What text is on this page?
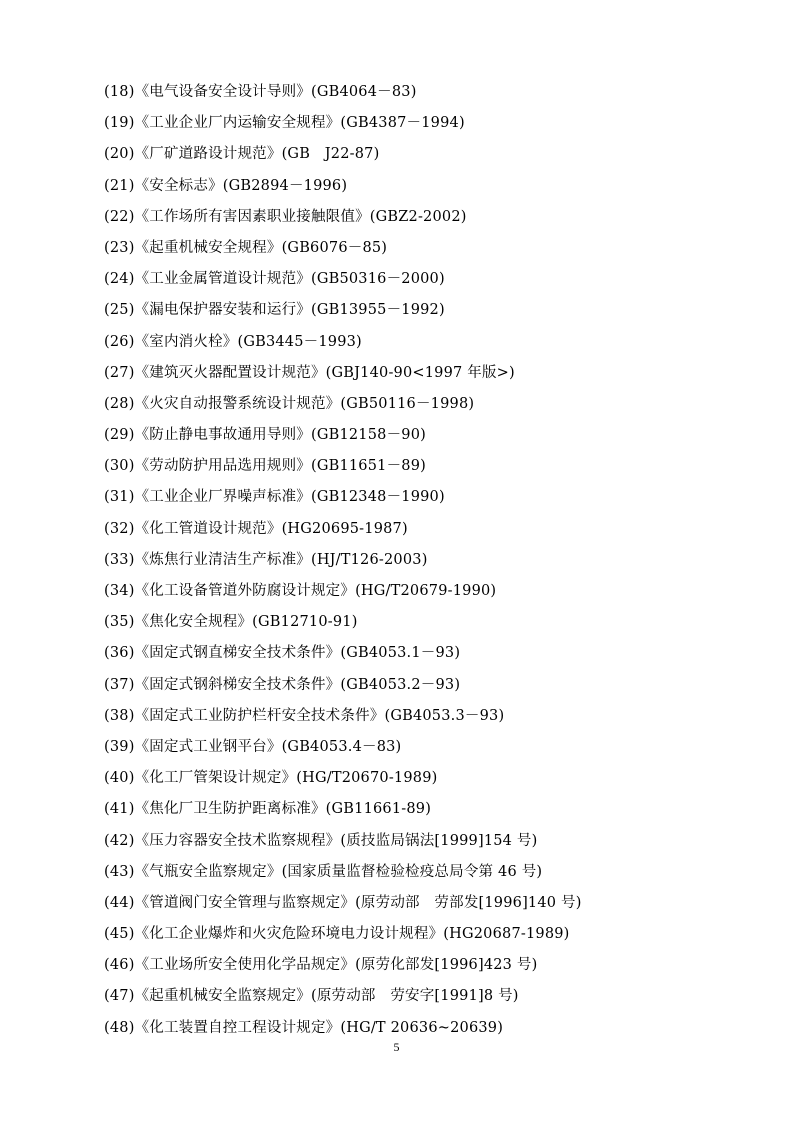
(18)《电气设备安全设计导则》(GB4064－83)
(19)《工业企业厂内运输安全规程》(GB4387－1994)
(20)《厂矿道路设计规范》(GB　J22-87)
(21)《安全标志》(GB2894－1996)
(22)《工作场所有害因素职业接触限值》(GBZ2-2002)
(23)《起重机械安全规程》(GB6076－85)
(24)《工业金属管道设计规范》(GB50316－2000)
(25)《漏电保护器安装和运行》(GB13955－1992)
(26)《室内消火栓》(GB3445－1993)
(27)《建筑灭火器配置设计规范》(GBJ140-90<1997 年版>)
(28)《火灾自动报警系统设计规范》(GB50116－1998)
(29)《防止静电事故通用导则》(GB12158－90)
(30)《劳动防护用品选用规则》(GB11651－89)
(31)《工业企业厂界噪声标准》(GB12348－1990)
(32)《化工管道设计规范》(HG20695-1987)
(33)《炼焦行业清洁生产标准》(HJ/T126-2003)
(34)《化工设备管道外防腐设计规定》(HG/T20679-1990)
(35)《焦化安全规程》(GB12710-91)
(36)《固定式钢直梯安全技术条件》(GB4053.1－93)
(37)《固定式钢斜梯安全技术条件》(GB4053.2－93)
(38)《固定式工业防护栏杆安全技术条件》(GB4053.3－93)
(39)《固定式工业钢平台》(GB4053.4－83)
(40)《化工厂管架设计规定》(HG/T20670-1989)
(41)《焦化厂卫生防护距离标准》(GB11661-89)
(42)《压力容器安全技术监察规程》(质技监局锅法[1999]154 号)
(43)《气瓶安全监察规定》(国家质量监督检验检疫总局令第 46 号)
(44)《管道阀门安全管理与监察规定》(原劳动部　劳部发[1996]140 号)
(45)《化工企业爆炸和火灾危险环境电力设计规程》(HG20687-1989)
(46)《工业场所安全使用化学品规定》(原劳化部发[1996]423 号)
(47)《起重机械安全监察规定》(原劳动部　劳安字[1991]8 号)
(48)《化工装置自控工程设计规定》(HG/T 20636~20639)
5
